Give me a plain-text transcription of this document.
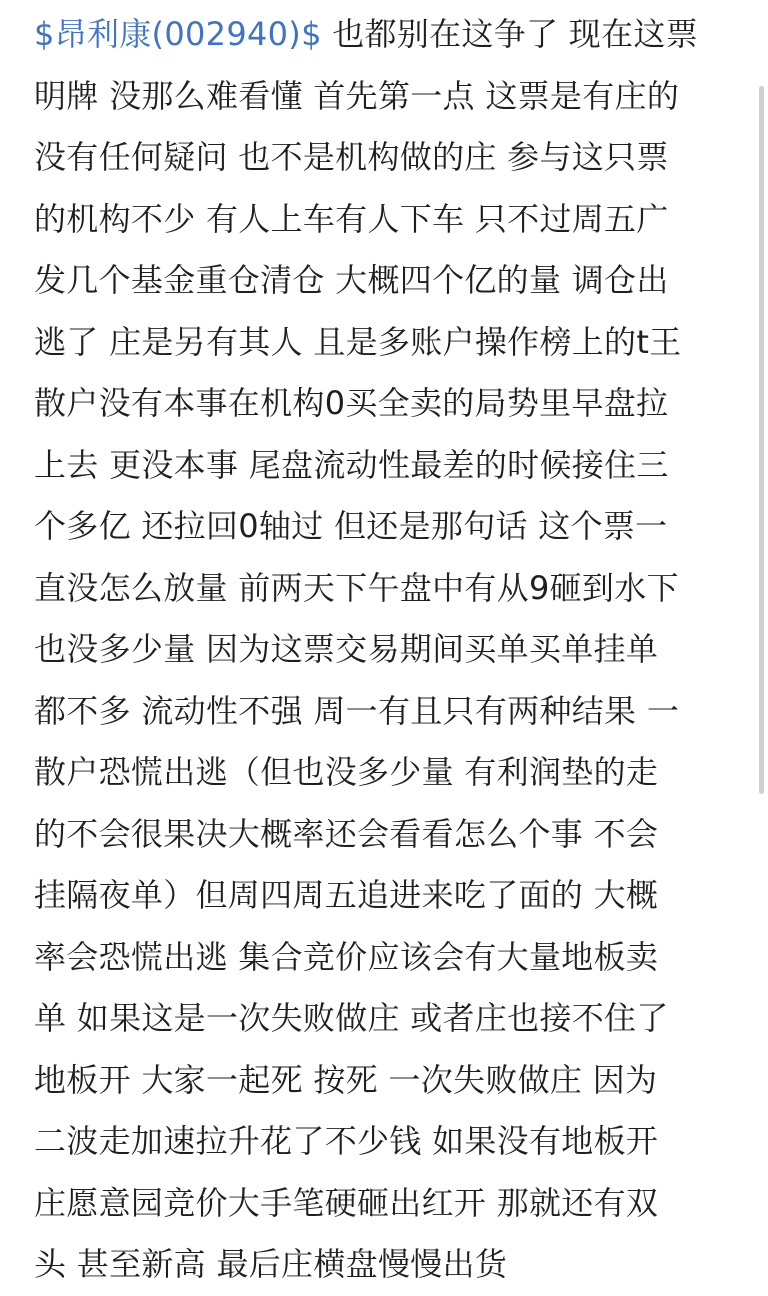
$昂利康(002940)$ 也都别在这争了 现在这票
明牌 没那么难看懂 首先第一点 这票是有庄的
没有任何疑问 也不是机构做的庄 参与这只票
的机构不少 有人上车有人下车 只不过周五广
发几个基金重仓清仓 大概四个亿的量 调仓出
逃了 庄是另有其人 且是多账户操作榜上的t王
散户没有本事在机构0买全卖的局势里早盘拉
上去 更没本事 尾盘流动性最差的时候接住三
个多亿 还拉回0轴过 但还是那句话 这个票一
直没怎么放量 前两天下午盘中有从9砸到水下
也没多少量 因为这票交易期间买单买单挂单
都不多 流动性不强 周一有且只有两种结果 一
散户恐慌出逃（但也没多少量 有利润垫的走
的不会很果决大概率还会看看怎么个事 不会
挂隔夜单）但周四周五追进来吃了面的 大概
率会恐慌出逃 集合竞价应该会有大量地板卖
单 如果这是一次失败做庄 或者庄也接不住了
地板开 大家一起死 按死 一次失败做庄 因为
二波走加速拉升花了不少钱 如果没有地板开
庄愿意园竞价大手笔硬砸出红开 那就还有双
头 甚至新高 最后庄横盘慢慢出货
